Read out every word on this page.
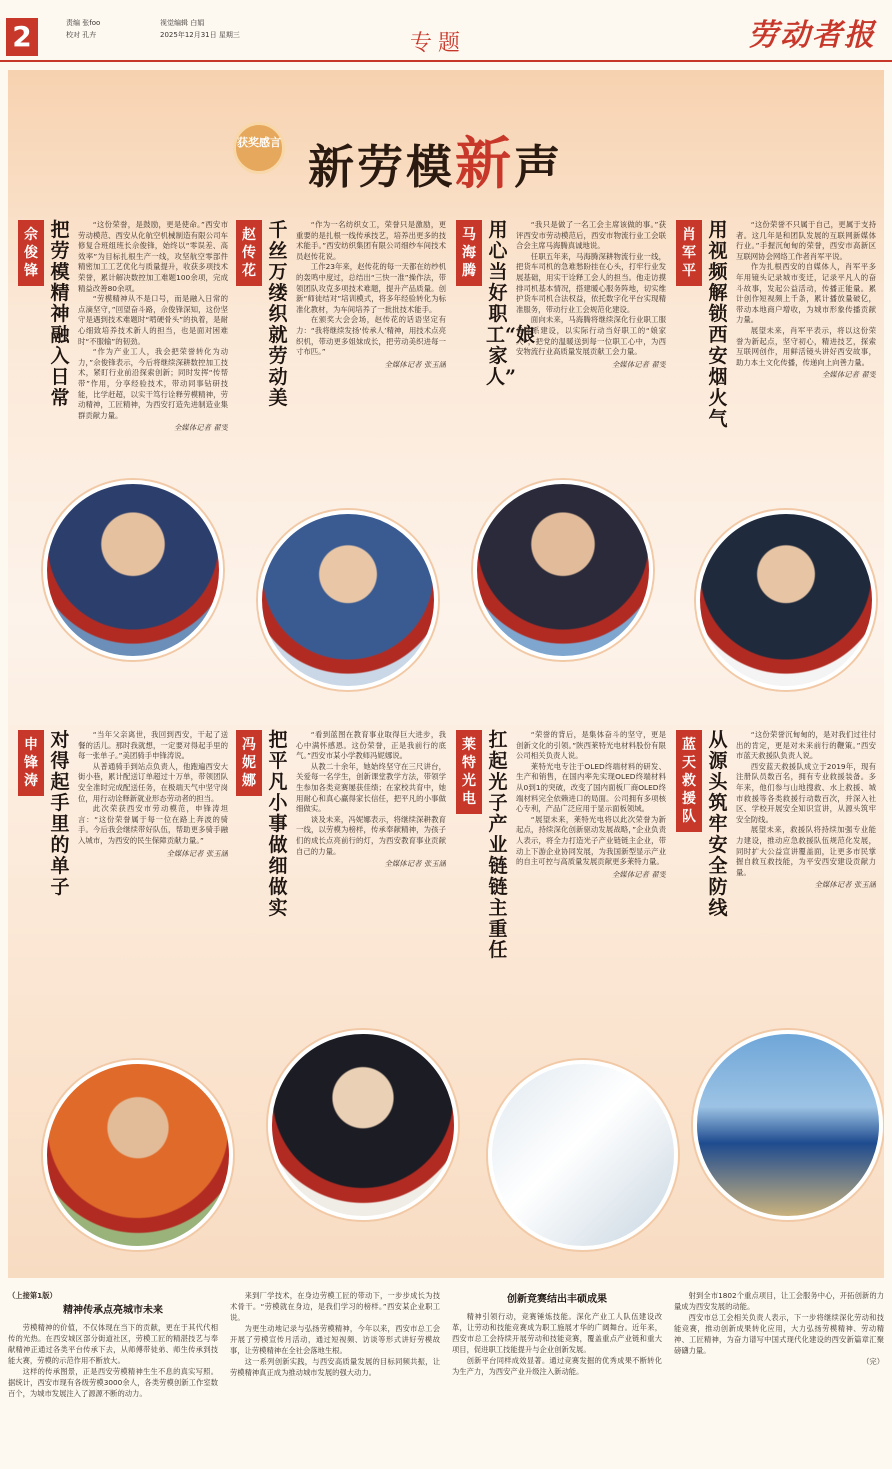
2	责编 张foo
校对 孔卉
视觉编辑 白娟
2025年12月31日 星期三	专题	劳动者报
获奖感言 新劳模新声
佘俊锋
把劳模精神融入日常

“这份荣誉，是鼓励，更是使命。”西安市劳动模范、西安从化航空机械制造有限公司车修复合班组班长佘俊锋，始终以“零误差、高效率”为目标扎根生产一线，攻坚航空零部件精密加工工艺优化与质量提升，收获多项技术荣誉，累计解决数控加工难题100余项，完成精益改善80余项。

“劳模精神从不是口号，而是融入日常的点滴坚守，”回望奋斗路，佘俊锋深知，这份坚守是遇到技术难题时“啃硬骨头”的执着，是耐心细致培养技术新人的担当，也是面对困难时“不服输”的韧劲。

“作为产业工人，我会把荣誉转化为动力，”佘俊锋表示，今后将继续深耕数控加工技术，紧盯行业前沿探索创新；同时发挥“传帮带”作用，分享经验技术，带动同事钻研技能，比学赶超，以实干笃行诠释劳模精神，劳动精神，工匠精神，为西安打造先进制造业集群贡献力量。

全媒体记者 翟雯
赵传花
千丝万缕织就劳动美

“作为一名纺织女工，荣誉只是激励，更重要的是扎根一线传承技艺，培养出更多的技术能手。”西安纺织集团有限公司细纱车间技术员赵传花说。

工作23年来，赵传花的每一天都在纺纱机的轰鸣中度过，总结出“三快一准”操作法，带领团队攻克多项技术难题，提升产品质量。创新“师徒结对”培训模式，将多年经验转化为标准化教材，为车间培养了一批批技术能手。

在颁奖大会会场，赵传花的话语坚定有力：“我将继续发扬‘传承人’精神，用技术点亮织机，带动更多姐妹成长，把劳动美织进每一寸布匹。”

全媒体记者 张玉涵
马海腾
用心当好职工“娘家人”

“我只是做了一名工会主席该做的事。”获评西安市劳动模范后，西安市物流行业工会联合会主席马海腾真诚地说。

任职五年来，马海腾深耕物流行业一线，把货车司机的急难愁盼挂在心头，打牢行业发展基础，用实干诠释工会人的担当。他走访摸排司机基本情况，搭建暖心服务阵地，切实维护货车司机合法权益，依托数字化平台实现精准服务，带动行业工会规范化建设。

面向未来，马海腾将继续深化行业职工服务体系建设，以实际行动当好职工的“娘家人”，把党的温暖送到每一位职工心中，为西安物流行业高质量发展贡献工会力量。

全媒体记者 翟雯
肖军平
用视频解锁西安烟火气

“这份荣誉不只属于自己，更属于支持者。这几年是和团队发展的互联网新媒体行业。”手握沉甸甸的荣誉，西安市高新区互联网协会网络工作者肖军平说。

作为扎根西安的自媒体人，肖军平多年用镜头记录城市变迁，记录平凡人的奋斗故事，发起公益活动，传播正能量。累计创作短视频上千条，累计播放量破亿，带动本地商户增收，为城市形象传播贡献力量。

展望未来，肖军平表示，将以这份荣誉为新起点，坚守初心，精进技艺，探索互联网创作，用鲜活镜头讲好西安故事，助力本土文化传播，传递向上向善力量。

全媒体记者 翟雯
申锋涛
对得起手里的单子

“当年父亲离世，我回到西安，干起了送餐的活儿。那时我就想，一定要对得起手里的每一张单子。”美团骑手申锋涛说。

从普通骑手到站点负责人，他跑遍西安大街小巷，累计配送订单超过十万单，带领团队安全准时完成配送任务，在极端天气中坚守岗位，用行动诠释新就业形态劳动者的担当。

此次荣获西安市劳动模范，申锋涛坦言：“这份荣誉属于每一位在路上奔波的骑手。今后我会继续带好队伍，帮助更多骑手融入城市，为西安的民生保障贡献力量。”

全媒体记者 张玉涵
冯妮娜
把平凡小事做细做实

“看到蓝图在教育事业取得巨大进步，我心中满怀感恩。这份荣誉，正是我前行的底气。”西安市某小学教师冯妮娜说。

从教二十余年，她始终坚守在三尺讲台，关爱每一名学生，创新课堂教学方法，带领学生参加各类竞赛屡获佳绩；在家校共育中，她用耐心和真心赢得家长信任，把平凡的小事做细做实。

谈及未来，冯妮娜表示，将继续深耕教育一线，以劳模为榜样，传承奉献精神，为孩子们的成长点亮前行的灯，为西安教育事业贡献自己的力量。

全媒体记者 张玉涵
莱特光电
扛起光子产业链链主重任

“荣誉的背后，是集体奋斗的坚守，更是创新文化的引领。”陕西莱特光电材料股份有限公司相关负责人说。

莱特光电专注于OLED终端材料的研发、生产和销售，在国内率先实现OLED终端材料从0到1的突破，改变了国内面板厂商OLED终端材料完全依赖进口的局面。公司拥有多项核心专利，产品广泛应用于显示面板领域。

“展望未来，莱特光电将以此次荣誉为新起点，持续深化创新驱动发展战略，”企业负责人表示，将全力打造光子产业链链主企业，带动上下游企业协同发展，为我国新型显示产业的自主可控与高质量发展贡献更多莱特力量。

全媒体记者 翟雯
蓝天救援队
从源头筑牢安全防线

“这份荣誉沉甸甸的，是对我们过往付出的肯定，更是对未来前行的鞭策。”西安市蓝天救援队负责人说。

西安蓝天救援队成立于2019年，现有注册队员数百名，拥有专业救援装备。多年来，他们参与山地搜救、水上救援、城市救援等各类救援行动数百次，并深入社区、学校开展安全知识宣讲，从源头筑牢安全防线。

展望未来，救援队将持续加强专业能力建设，推动应急救援队伍规范化发展，同时扩大公益宣讲覆盖面，让更多市民掌握自救互救技能，为平安西安建设贡献力量。

全媒体记者 张玉涵
（上接第1版）
精神传承点亮城市未来

劳模精神的价值，不仅体现在当下的贡献，更在于其代代相传的光热。在西安城区部分街道社区，劳模工匠的精湛技艺与奉献精神正通过各类平台传承下去，从师傅带徒弟、师生传承到技能大赛，劳模的示范作用不断放大。

这样的传承图景，正是西安劳模精神生生不息的真实写照。据统计，西安市现有各级劳模3000余人，各类劳模创新工作室数百个，为城市发展注入了源源不断的动力。

来到厂学技术，在身边劳模工匠的带动下，一步步成长为技术骨干。“劳模就在身边，是我们学习的榜样。”西安某企业职工说。

为更生动地记录与弘扬劳模精神，今年以来，西安市总工会开展了劳模宣传月活动，通过短视频、访谈等形式讲好劳模故事，让劳模精神在全社会落地生根。

这一系列创新实践，与西安高质量发展的目标同频共振，让劳模精神真正成为推动城市发展的强大动力。

创新竞赛结出丰硕成果

精神引领行动，竞赛锤炼技能。深化产业工人队伍建设改革，让劳动和技能竞赛成为职工施展才华的广阔舞台。近年来，西安市总工会持续开展劳动和技能竞赛，覆盖重点产业链和重大项目，促进职工技能提升与企业创新发展。

创新平台同样成效显著。通过竞赛发掘的优秀成果不断转化为生产力，为西安产业升级注入新动能。

射到全市1802个重点项目，让工会服务中心，开拓创新的力量成为西安发展的动能。

西安市总工会相关负责人表示，下一步将继续深化劳动和技能竞赛，推动创新成果转化应用，大力弘扬劳模精神、劳动精神、工匠精神，为奋力谱写中国式现代化建设的西安新篇章汇聚磅礴力量。

（完）
